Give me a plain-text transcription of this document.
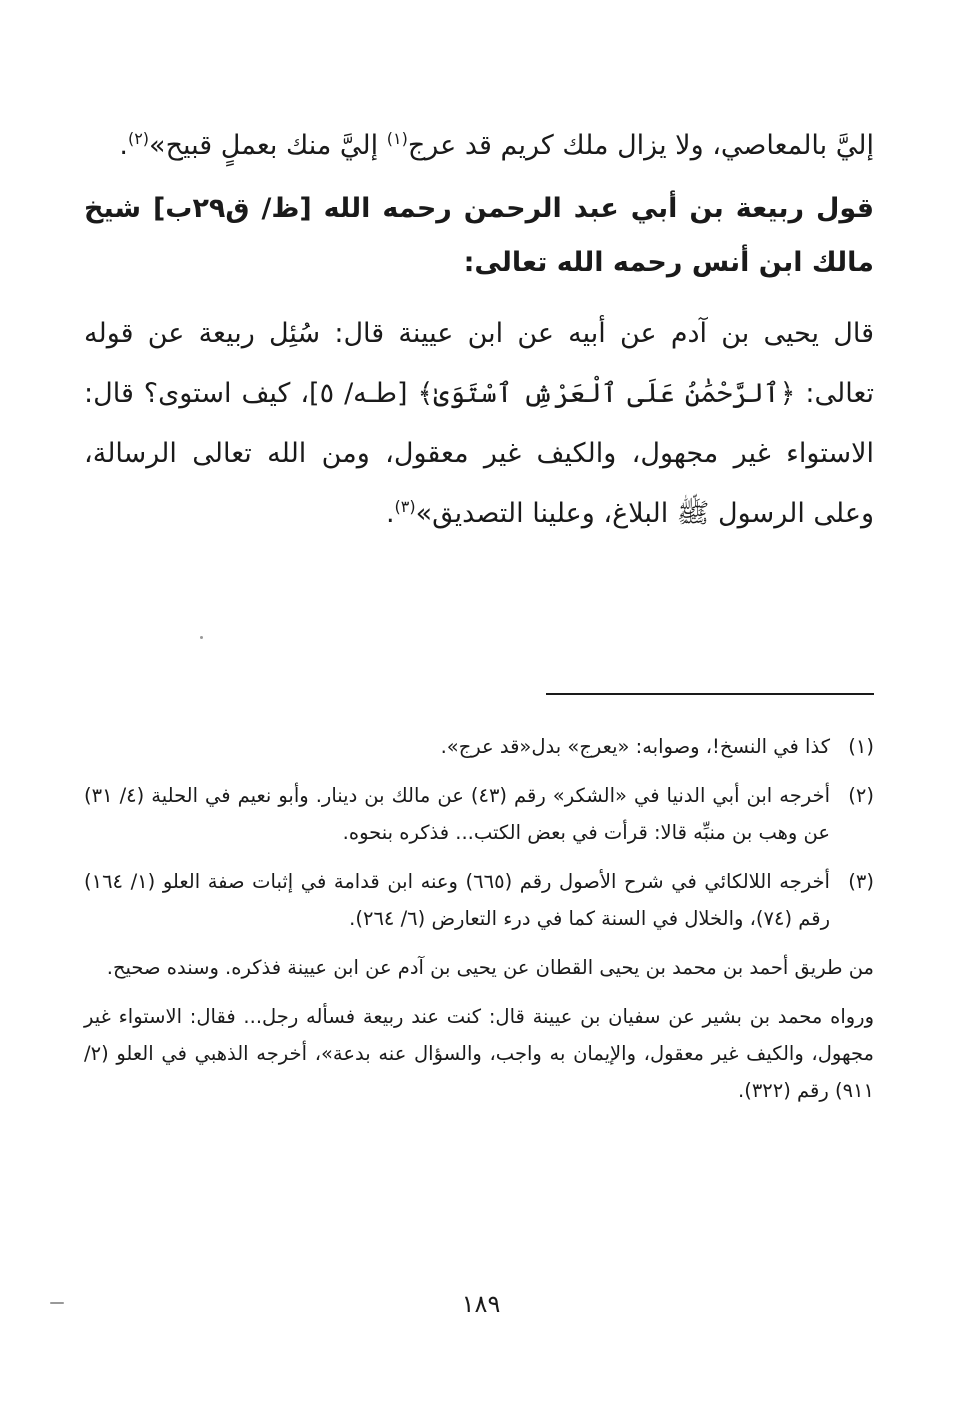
إليَّ بالمعاصي، ولا يزال ملك كريم قد عرج$^{(١)}$ إليَّ منك بعملٍ قبيح»$^{(٢)}$.

قول ربيعة بن أبي عبد الرحمن رحمه الله [ظ/ ق٢٩ب] شيخ مالك ابن أنس رحمه الله تعالى:

قال يحيى بن آدم عن أبيه عن ابن عيينة قال: سُئِل ربيعة عن قوله تعالى: ﴿ٱلرَّحْمَٰنُ عَلَى ٱلْعَرْشِ ٱسْتَوَىٰ﴾ [طـه/ ٥]، كيف استوى؟ قال: الاستواء غير مجهول، والكيف غير معقول، ومن الله تعالى الرسالة، وعلى الرسول ﷺ البلاغ، وعلينا التصديق»$^{(٣)}$.

(١)
كذا في النسخ!، وصوابه: «يعرج» بدل«قد عرج».
(٢)
أخرجه ابن أبي الدنيا في «الشكر» رقم (٤٣) عن مالك بن دينار. وأبو نعيم في الحلية (٤/ ٣١) عن وهب بن منبِّه قالا: قرأت في بعض الكتب... فذكره بنحوه.
(٣)
أخرجه اللالكائي في شرح الأصول رقم (٦٦٥) وعنه ابن قدامة في إثبات صفة العلو (١/ ١٦٤) رقم (٧٤)، والخلال في السنة كما في درء التعارض (٦/ ٢٦٤).

من طريق أحمد بن محمد بن يحيى القطان عن يحيى بن آدم عن ابن عيينة فذكره. وسنده صحيح.

ورواه محمد بن بشير عن سفيان بن عيينة قال: كنت عند ربيعة فسأله رجل... فقال: الاستواء غير مجهول، والكيف غير معقول، والإيمان به واجب، والسؤال عنه بدعة»، أخرجه الذهبي في العلو (٢/ ٩١١) رقم (٣٢٢).

١٨٩
